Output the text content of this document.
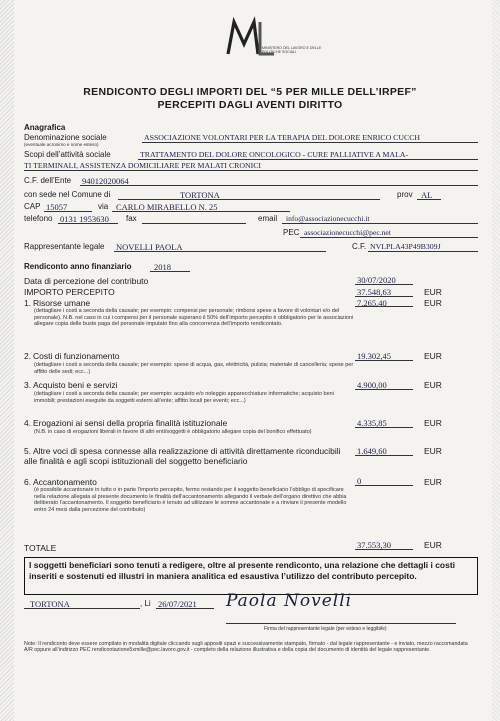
MINISTERO DEL LAVORO E DELLE POLITICHE SOCIALI
RENDICONTO DEGLI IMPORTI DEL “5 PER MILLE DELL’IRPEF”
PERCEPITI DAGLI AVENTI DIRITTO
Anagrafica
Denominazione sociale
(eventuale acronimo e nome esteso)
ASSOCIAZIONE VOLONTARI PER LA TERAPIA DEL DOLORE ENRICO CUCCH
Scopi dell’attività sociale	TRATTAMENTO DEL DOLORE ONCOLOGICO - CURE PALLIATIVE A MALA-
TI TERMINALI, ASSISTENZA DOMICILIARE PER MALATI CRONICI
C.F. dell’Ente 94012020064
con sede nel Comune di	TORTONA	prov AL
CAP 15057	via CARLO MIRABELLO N. 25
telefono 0131 1953630 fax	email info@associazionecucchi.it
PEC associazionecucchi@pec.net
Rappresentante legale NOVELLI PAOLA	C.F. NVLPLA43P49B309J
Rendiconto anno finanziario	2018
Data di percezione del contributo	30/07/2020
IMPORTO PERCEPITO	37.548,63	EUR
1. Risorse umane	7.265,40	EUR
(dettagliare i costi a seconda della causale; per esempio: compensi per personale; rimborsi spese a favore di volontari e/o del personale). N.B. nel caso in cui i compensi per il personale superano il 50% dell’importo percepito è obbligatorio per le associazioni allegare copia delle buste paga del personale imputato fino alla concorrenza dell’importo rendicontato.
2. Costi di funzionamento	19.302,45	EUR
(dettagliare i costi a seconda della causale; per esempio: spese di acqua, gas, elettricità, pulizia; materiale di cancelleria; spese per affitto delle sedi; ecc...)
3. Acquisto beni e servizi	4.900,00	EUR
(dettagliare i costi a seconda della causale; per esempio: acquisto e/o noleggio apparecchiature informatiche; acquisto beni immobili; prestazioni eseguite da soggetti esterni all’ente; affitto locali per eventi; ecc...)
4. Erogazioni ai sensi della propria finalità istituzionale	4.335,85	EUR
(N.B. in caso di erogazioni liberali in favore di altri enti/soggetti è obbligatorio allegare copia del bonifico effettuato)
5. Altre voci di spesa connesse alla realizzazione di attività direttamente riconducibili alle finalità e agli scopi istituzionali del soggetto beneficiario
1.649,60	EUR
6. Accantonamento	0	EUR
(è possibile accantonare in tutto o in parte l’importo percepito, fermo restando per il soggetto beneficiario l’obbligo di specificare nella relazione allegata al presente documento le finalità dell’accantonamento allegando il verbale dell’organo direttivo che abbia deliberato l’accantonamento. Il soggetto beneficiario è tenuto ad utilizzare le somme accantonate e a rinviare il presente modello entro 24 mesi dalla percezione del contributo)
TOTALE	37.553,30	EUR
I soggetti beneficiari sono tenuti a redigere, oltre al presente rendiconto, una relazione che dettagli i costi inseriti e sostenuti ed illustri in maniera analitica ed esaustiva l’utilizzo del contributo percepito.
TORTONA	, Li 26/07/2021 Paola Novelli
Firma del rappresentante legale (per esteso e leggibile)
Note: Il rendiconto deve essere compilato in modalità digitale cliccando sugli appositi spazi e successivamente stampato, firmato - dal legale rappresentante - e inviato, mezzo raccomandata A/R oppure all’indirizzo PEC rendicontazione5xmille@pec.lavoro.gov.it - completo della relazione illustrativa e della copia del documento di identità del legale rappresentante.
